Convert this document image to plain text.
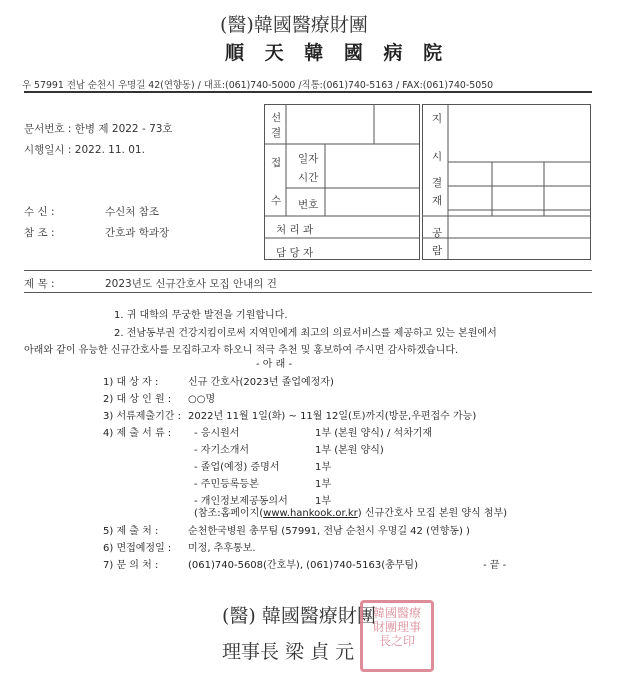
(醫)韓國醫療財團
順 天 韓 國 病 院
우 57991 전남 순천시 우명길 42(연향동) / 대표:(061)740-5000 /직통:(061)740-5163 / FAX:(061)740-5050
문서번호 : 한병 제 2022 - 73호
시행일시 : 2022. 11. 01.
수 신 :	수신처 참조
참 조 :	간호과 학과장
선
결
접
수
일자
시간
번호
처 리 과
담 당 자
지
시
결
재
공
람
제 목 :	2023년도 신규간호사 모집 안내의 건
1. 귀 대학의 무궁한 발전을 기원합니다.
2. 전남동부권 건강지킴이로써 지역민에게 최고의 의료서비스를 제공하고 있는 본원에서
아래와 같이 유능한 신규간호사를 모집하고자 하오니 적극 추천 및 홍보하여 주시면 감사하겠습니다.
- 아 래 -
1) 대 상 자 :	신규 간호사(2023년 졸업예정자)
2) 대 상 인 원 : ○○명
3) 서류제출기간 : 2022년 11월 1일(화) ~ 11월 12일(토)까지(방문,우편접수 가능)
4) 제 출 서 류 : - 응시원서	1부 (본원 양식) / 석차기재
- 자기소개서	1부 (본원 양식)
- 졸업(예정) 증명서	1부
- 주민등록등본	1부
- 개인정보제공동의서	1부
(참조:홈페이지(www.hankook.or.kr) 신규간호사 모집 본원 양식 첨부)
5) 제 출 처 :	순천한국병원 총무팀 (57991, 전남 순천시 우명길 42 (연향동) )
6) 면접예정일 : 미정, 추후통보.
7) 문 의 처 :	(061)740-5608(간호부), (061)740-5163(총무팀)	- 끝 -
(醫) 韓國醫療財團
理事長 梁 貞 元
韓國醫療
財團理事
長之印
